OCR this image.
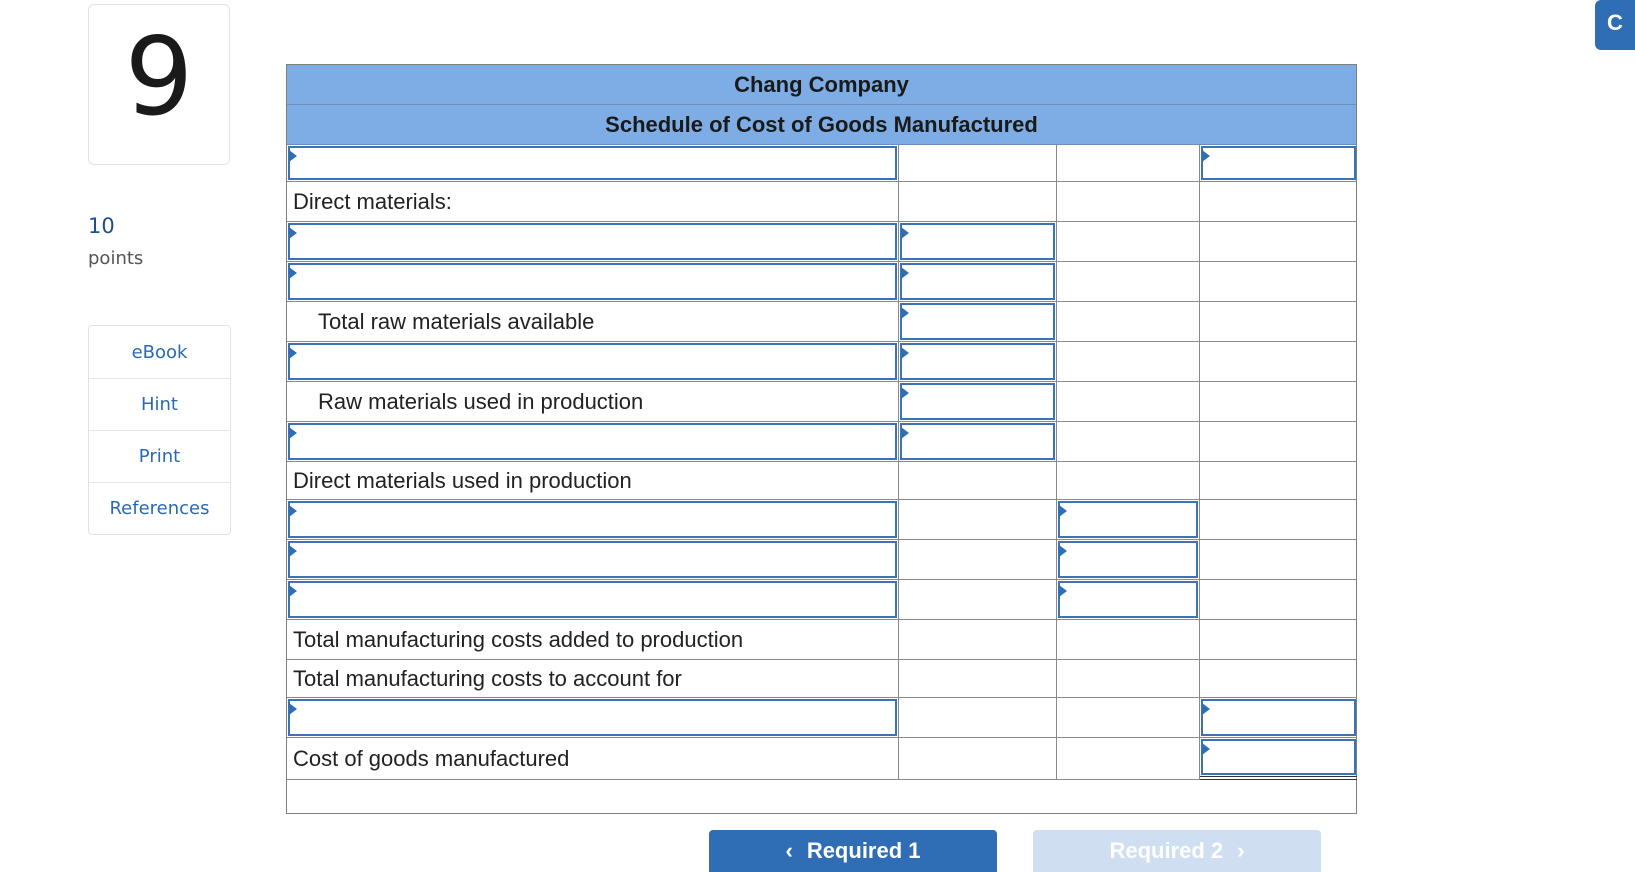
9
10
points
eBook
Hint
Print
References
C
Chang Company
Schedule of Cost of Goods Manufactured
Direct materials:
Total raw materials available
Raw materials used in production
Direct materials used in production
Total manufacturing costs added to production
Total manufacturing costs to account for
Cost of goods manufactured
‹ Required 1	Required 2 ›
